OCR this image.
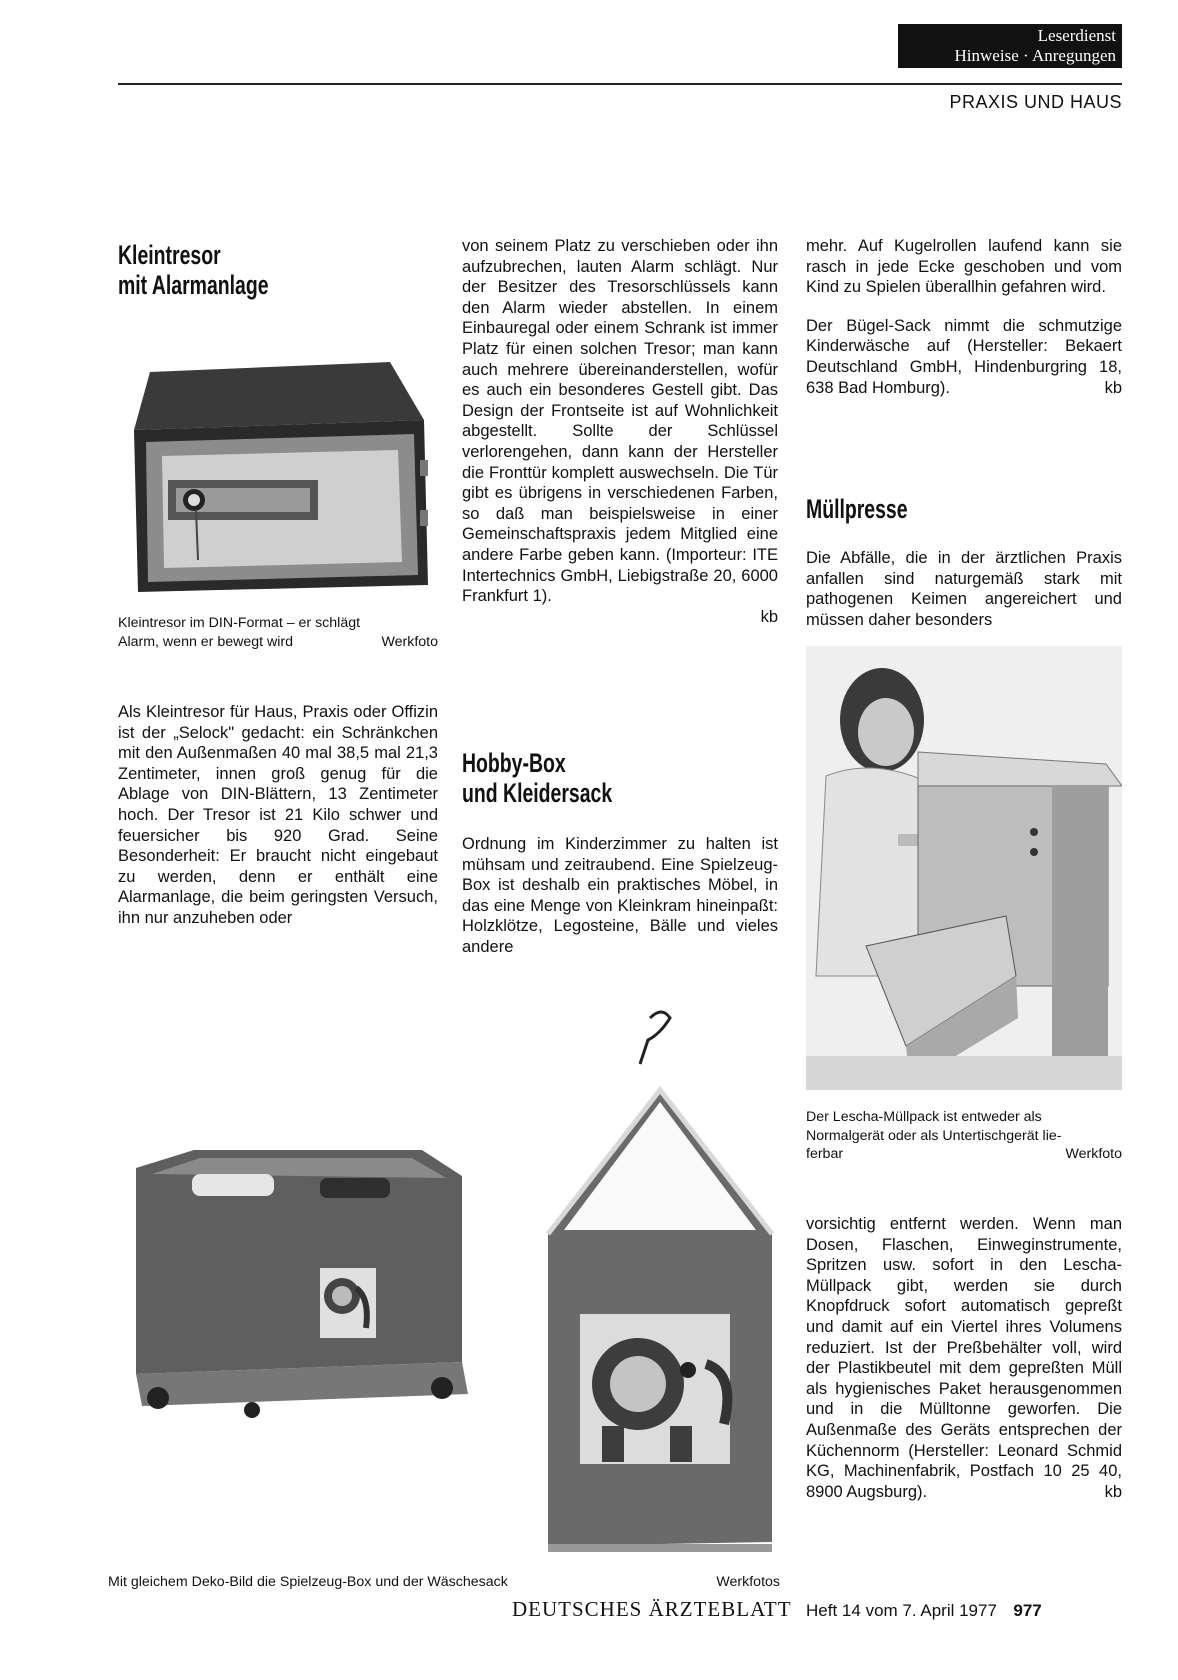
Leserdienst
Hinweise · Anregungen
PRAXIS UND HAUS
Kleintresor
mit Alarmanlage
Kleintresor im DIN-Format – er schlägt
Alarm, wenn er bewegt wird	Werkfoto

Als Kleintresor für Haus, Praxis oder Offizin ist der „Selock" gedacht: ein Schränkchen mit den Außenmaßen 40 mal 38,5 mal 21,3 Zentimeter, innen groß genug für die Ablage von DIN-Blättern, 13 Zentimeter hoch. Der Tresor ist 21 Kilo schwer und feuersicher bis 920 Grad. Seine Besonderheit: Er braucht nicht eingebaut zu werden, denn er enthält eine Alarmanlage, die beim geringsten Versuch, ihn nur anzuheben oder

von seinem Platz zu verschieben oder ihn aufzubrechen, lauten Alarm schlägt. Nur der Besitzer des Tresorschlüssels kann den Alarm wieder abstellen. In einem Einbauregal oder einem Schrank ist immer Platz für einen solchen Tresor; man kann auch mehrere übereinanderstellen, wofür es auch ein besonderes Gestell gibt. Das Design der Frontseite ist auf Wohnlichkeit abgestellt. Sollte der Schlüssel verlorengehen, dann kann der Hersteller die Fronttür komplett auswechseln. Die Tür gibt es übrigens in verschiedenen Farben, so daß man beispielsweise in einer Gemeinschaftspraxis jedem Mitglied eine andere Farbe geben kann. (Importeur: ITE Intertechnics GmbH, Liebigstraße 20, 6000 Frankfurt 1).

kb
Hobby-Box
und Kleidersack

Ordnung im Kinderzimmer zu halten ist mühsam und zeitraubend. Eine Spielzeug-Box ist deshalb ein praktisches Möbel, in das eine Menge von Kleinkram hineinpaßt: Holzklötze, Legosteine, Bälle und vieles andere

mehr. Auf Kugelrollen laufend kann sie rasch in jede Ecke geschoben und vom Kind zu Spielen überallhin gefahren wird.

Der Bügel-Sack nimmt die schmutzige Kinderwäsche auf (Hersteller: Bekaert Deutschland GmbH, Hindenburgring 18, 638 Bad Homburg).	kb
Müllpresse

Die Abfälle, die in der ärztlichen Praxis anfallen sind naturgemäß stark mit pathogenen Keimen angereichert und müssen daher besonders

Der Lescha-Müllpack ist entweder als
Normalgerät oder als Untertischgerät lie-
ferbar	Werkfoto

vorsichtig entfernt werden. Wenn man Dosen, Flaschen, Einweginstrumente, Spritzen usw. sofort in den Lescha-Müllpack gibt, werden sie durch Knopfdruck sofort automatisch gepreßt und damit auf ein Viertel ihres Volumens reduziert. Ist der Preßbehälter voll, wird der Plastikbeutel mit dem gepreßten Müll als hygienisches Paket herausgenommen und in die Mülltonne geworfen. Die Außenmaße des Geräts entsprechen der Küchennorm (Hersteller: Leonard Schmid KG, Machinenfabrik, Postfach 10 25 40, 8900 Augsburg).	kb
Mit gleichem Deko-Bild die Spielzeug-Box und der Wäschesack	Werkfotos
DEUTSCHES ÄRZTEBLATT Heft 14 vom 7. April 1977 977
